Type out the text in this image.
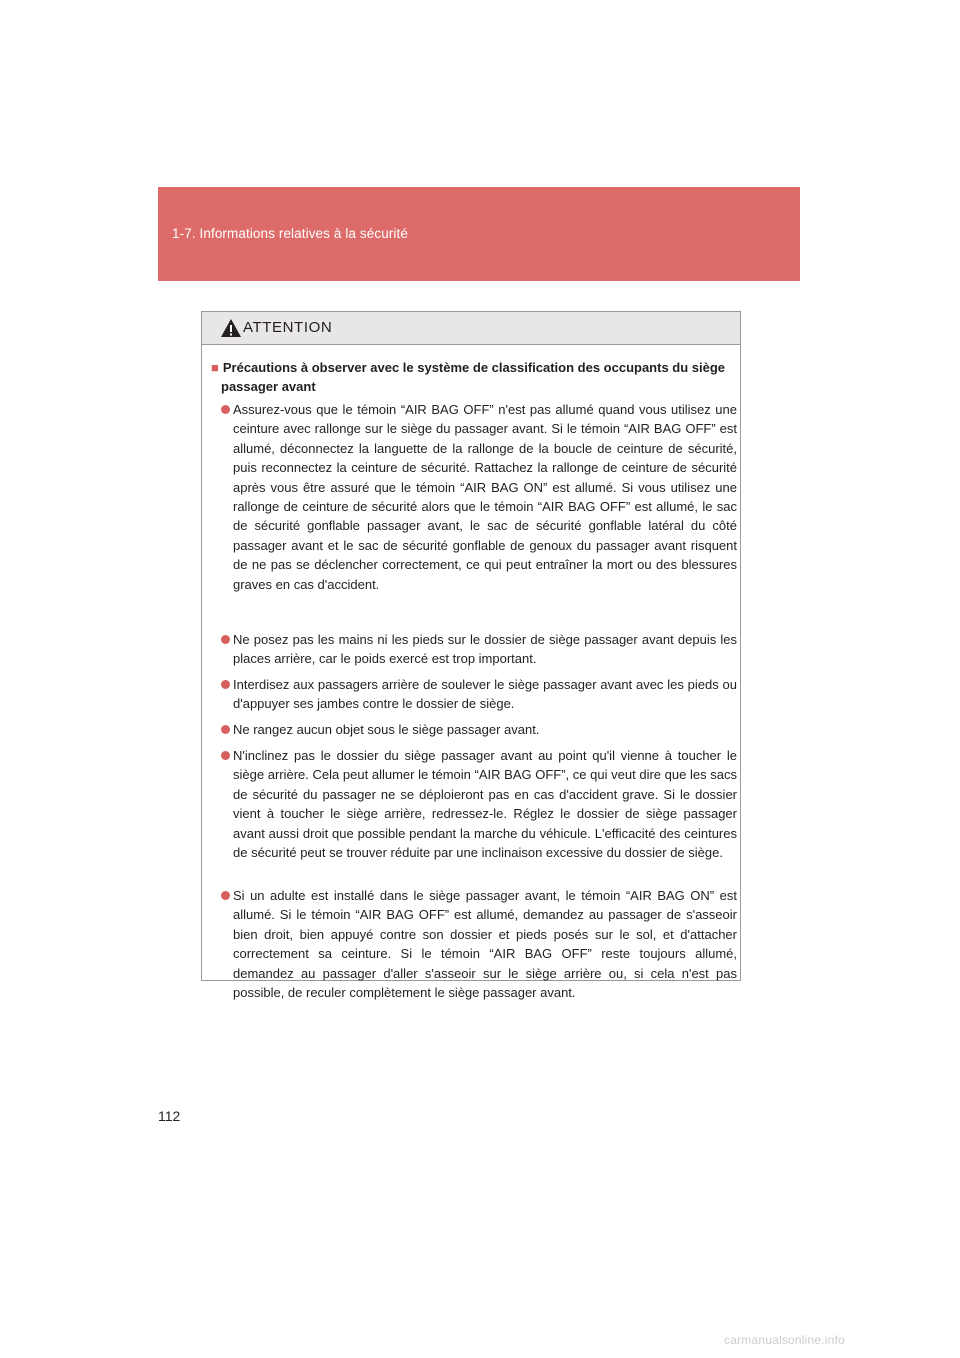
1-7. Informations relatives à la sécurité
ATTENTION
■ Précautions à observer avec le système de classification des occupants du siège
passager avant
Assurez-vous que le témoin “AIR BAG OFF” n'est pas allumé quand vous utilisez une ceinture avec rallonge sur le siège du passager avant. Si le témoin “AIR BAG OFF” est allumé, déconnectez la languette de la rallonge de la boucle de ceinture de sécurité, puis reconnectez la ceinture de sécurité. Rattachez la rallonge de ceinture de sécurité après vous être assuré que le témoin “AIR BAG ON” est allumé. Si vous utilisez une rallonge de ceinture de sécurité alors que le témoin “AIR BAG OFF” est allumé, le sac de sécurité gonflable passager avant, le sac de sécurité gonflable latéral du côté passager avant et le sac de sécurité gonflable de genoux du passager avant risquent de ne pas se déclencher correctement, ce qui peut entraîner la mort ou des blessures graves en cas d'accident.
Ne posez pas les mains ni les pieds sur le dossier de siège passager avant depuis les places arrière, car le poids exercé est trop important.
Interdisez aux passagers arrière de soulever le siège passager avant avec les pieds ou d'appuyer ses jambes contre le dossier de siège.
Ne rangez aucun objet sous le siège passager avant.
N'inclinez pas le dossier du siège passager avant au point qu'il vienne à toucher le siège arrière. Cela peut allumer le témoin “AIR BAG OFF”, ce qui veut dire que les sacs de sécurité du passager ne se déploieront pas en cas d'accident grave. Si le dossier vient à toucher le siège arrière, redressez-le. Réglez le dossier de siège passager avant aussi droit que possible pendant la marche du véhicule. L'efficacité des ceintures de sécurité peut se trouver réduite par une inclinaison excessive du dossier de siège.
Si un adulte est installé dans le siège passager avant, le témoin “AIR BAG ON” est allumé. Si le témoin “AIR BAG OFF” est allumé, demandez au passager de s'asseoir bien droit, bien appuyé contre son dossier et pieds posés sur le sol, et d'attacher correctement sa ceinture. Si le témoin “AIR BAG OFF” reste toujours allumé, demandez au passager d'aller s'asseoir sur le siège arrière ou, si cela n'est pas possible, de reculer complètement le siège passager avant.
112
carmanualsonline.info
